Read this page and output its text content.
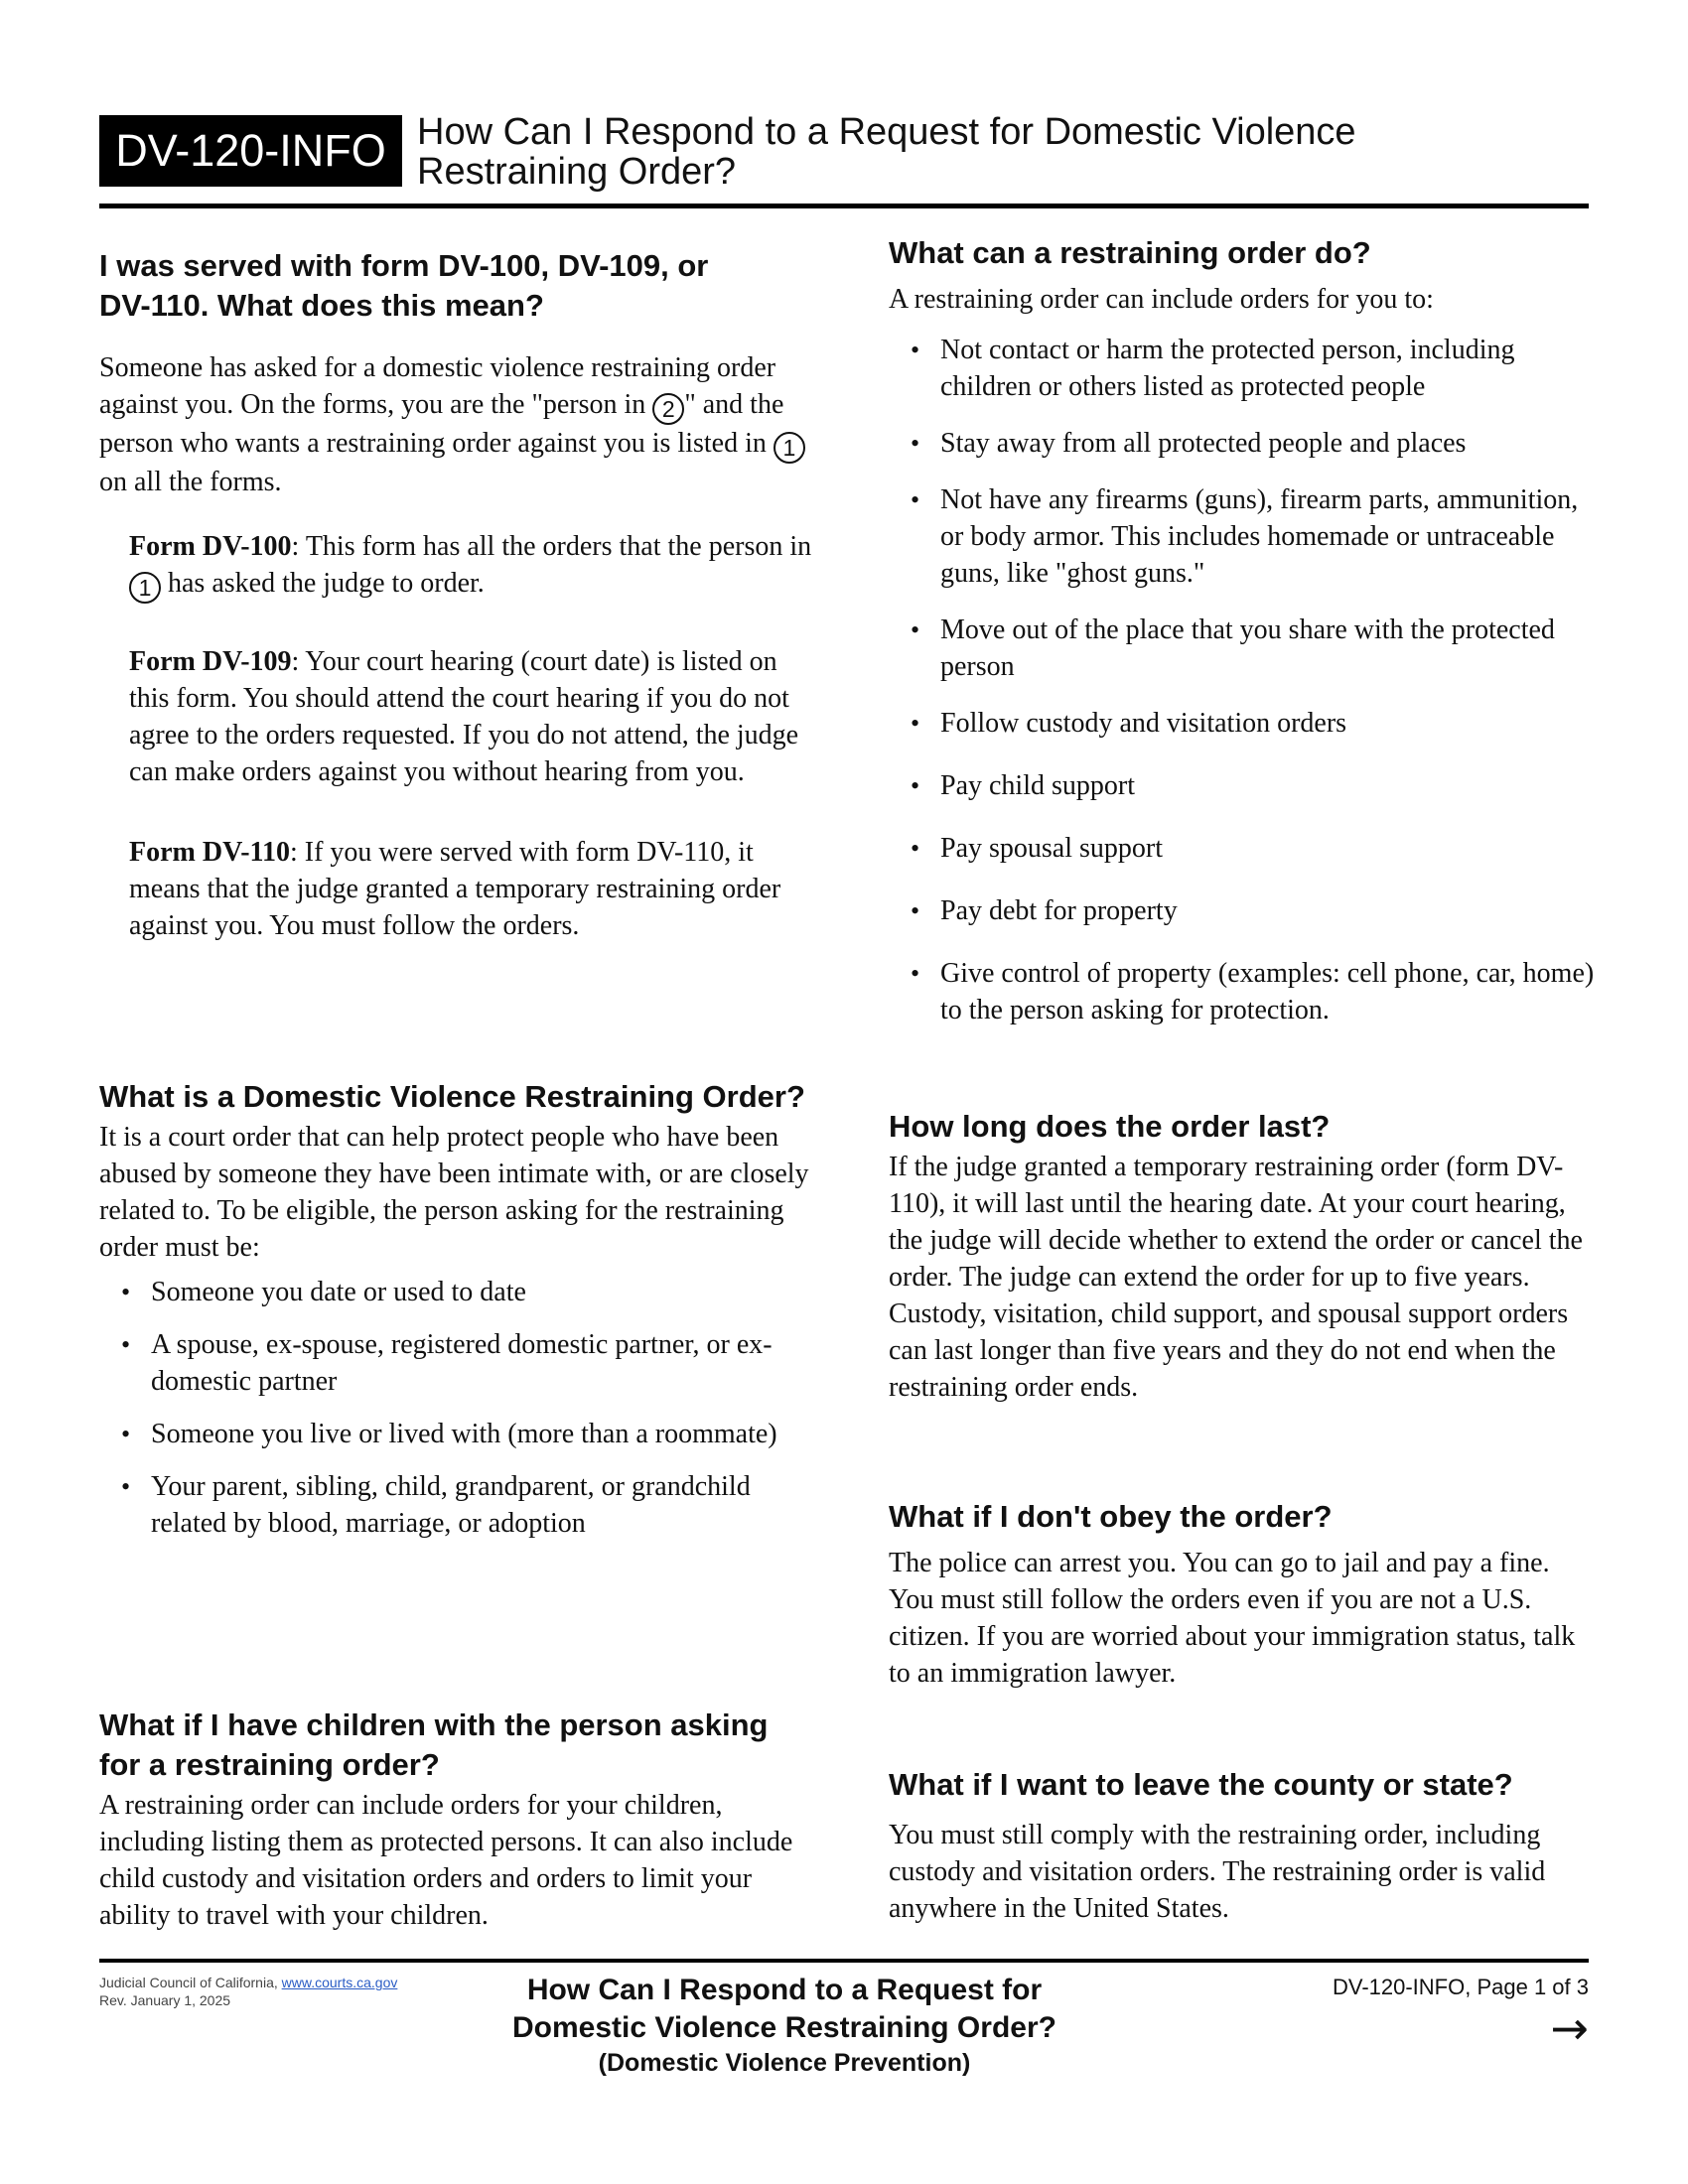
DV-120-INFO How Can I Respond to a Request for Domestic Violence
Restraining Order?
I was served with form DV-100, DV-109, or
DV-110. What does this mean?

Someone has asked for a domestic violence restraining order against you. On the forms, you are the "person in 2 " and the person who wants a restraining order against you is listed in 1 on all the forms.

Form DV-100: This form has all the orders that the person in 1 has asked the judge to order.

Form DV-109: Your court hearing (court date) is listed on this form. You should attend the court hearing if you do not agree to the orders requested. If you do not attend, the judge can make orders against you without hearing from you.

Form DV-110: If you were served with form DV-110, it means that the judge granted a temporary restraining order against you. You must follow the orders.

What is a Domestic Violence Restraining Order?

It is a court order that can help protect people who have been abused by someone they have been intimate with, or are closely related to. To be eligible, the person asking for the restraining order must be:

• Someone you date or used to date
• A spouse, ex-spouse, registered domestic partner, or ex-domestic partner
• Someone you live or lived with (more than a roommate)
• Your parent, sibling, child, grandparent, or grandchild related by blood, marriage, or adoption
What if I have children with the person asking for a restraining order?

A restraining order can include orders for your children, including listing them as protected persons. It can also include child custody and visitation orders and orders to limit your ability to travel with your children.

What can a restraining order do?

A restraining order can include orders for you to:

• Not contact or harm the protected person, including children or others listed as protected people
• Stay away from all protected people and places
• Not have any firearms (guns), firearm parts, ammunition, or body armor. This includes homemade or untraceable guns, like "ghost guns."
• Move out of the place that you share with the protected person
• Follow custody and visitation orders
• Pay child support
• Pay spousal support
• Pay debt for property
• Give control of property (examples: cell phone, car, home) to the person asking for protection.
How long does the order last?

If the judge granted a temporary restraining order (form DV-110), it will last until the hearing date. At your court hearing, the judge will decide whether to extend the order or cancel the order. The judge can extend the order for up to five years. Custody, visitation, child support, and spousal support orders can last longer than five years and they do not end when the restraining order ends.

What if I don't obey the order?

The police can arrest you. You can go to jail and pay a fine. You must still follow the orders even if you are not a U.S. citizen. If you are worried about your immigration status, talk to an immigration lawyer.

What if I want to leave the county or state?

You must still comply with the restraining order, including custody and visitation orders. The restraining order is valid anywhere in the United States.

Judicial Council of California, www.courts.ca.gov
Rev. January 1, 2025	How Can I Respond to a Request for
Domestic Violence Restraining Order?
(Domestic Violence Prevention)
DV-120-INFO, Page 1 of 3
→
